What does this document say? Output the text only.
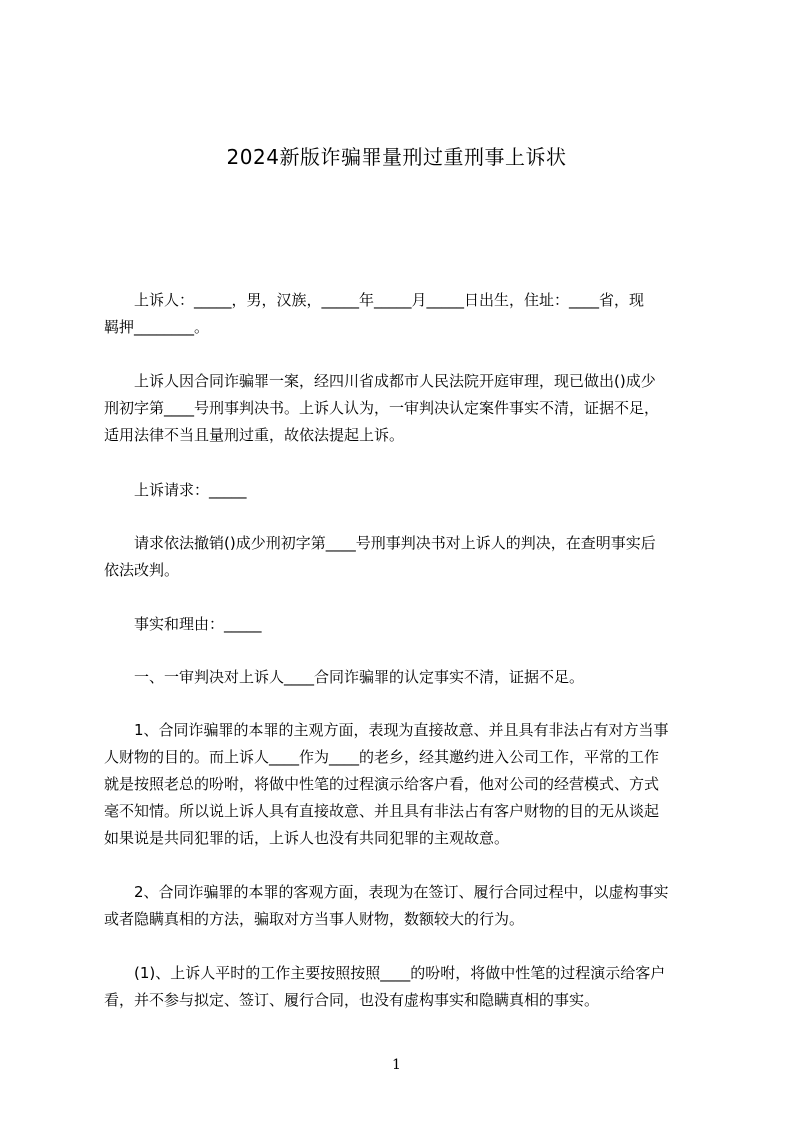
2024新版诈骗罪量刑过重刑事上诉状
　　上诉人：_____，男，汉族，_____年_____月_____日出生，住址：____省，现
羁押________。
　　上诉人因合同诈骗罪一案，经四川省成都市人民法院开庭审理，现已做出()成少
刑初字第____号刑事判决书。上诉人认为，一审判决认定案件事实不清，证据不足，
适用法律不当且量刑过重，故依法提起上诉。
　　上诉请求：_____
　　请求依法撤销()成少刑初字第____号刑事判决书对上诉人的判决，在查明事实后
依法改判。
　　事实和理由：_____
　　一、一审判决对上诉人____合同诈骗罪的认定事实不清，证据不足。
　　1、合同诈骗罪的本罪的主观方面，表现为直接故意、并且具有非法占有对方当事
人财物的目的。而上诉人____作为____的老乡，经其邀约进入公司工作，平常的工作
就是按照老总的吩咐，将做中性笔的过程演示给客户看，他对公司的经营模式、方式
毫不知情。所以说上诉人具有直接故意、并且具有非法占有客户财物的目的无从谈起
如果说是共同犯罪的话，上诉人也没有共同犯罪的主观故意。
　　2、合同诈骗罪的本罪的客观方面，表现为在签订、履行合同过程中，以虚构事实
或者隐瞒真相的方法，骗取对方当事人财物，数额较大的行为。
　　(1)、上诉人平时的工作主要按照按照____的吩咐，将做中性笔的过程演示给客户
看，并不参与拟定、签订、履行合同，也没有虚构事实和隐瞒真相的事实。
1
